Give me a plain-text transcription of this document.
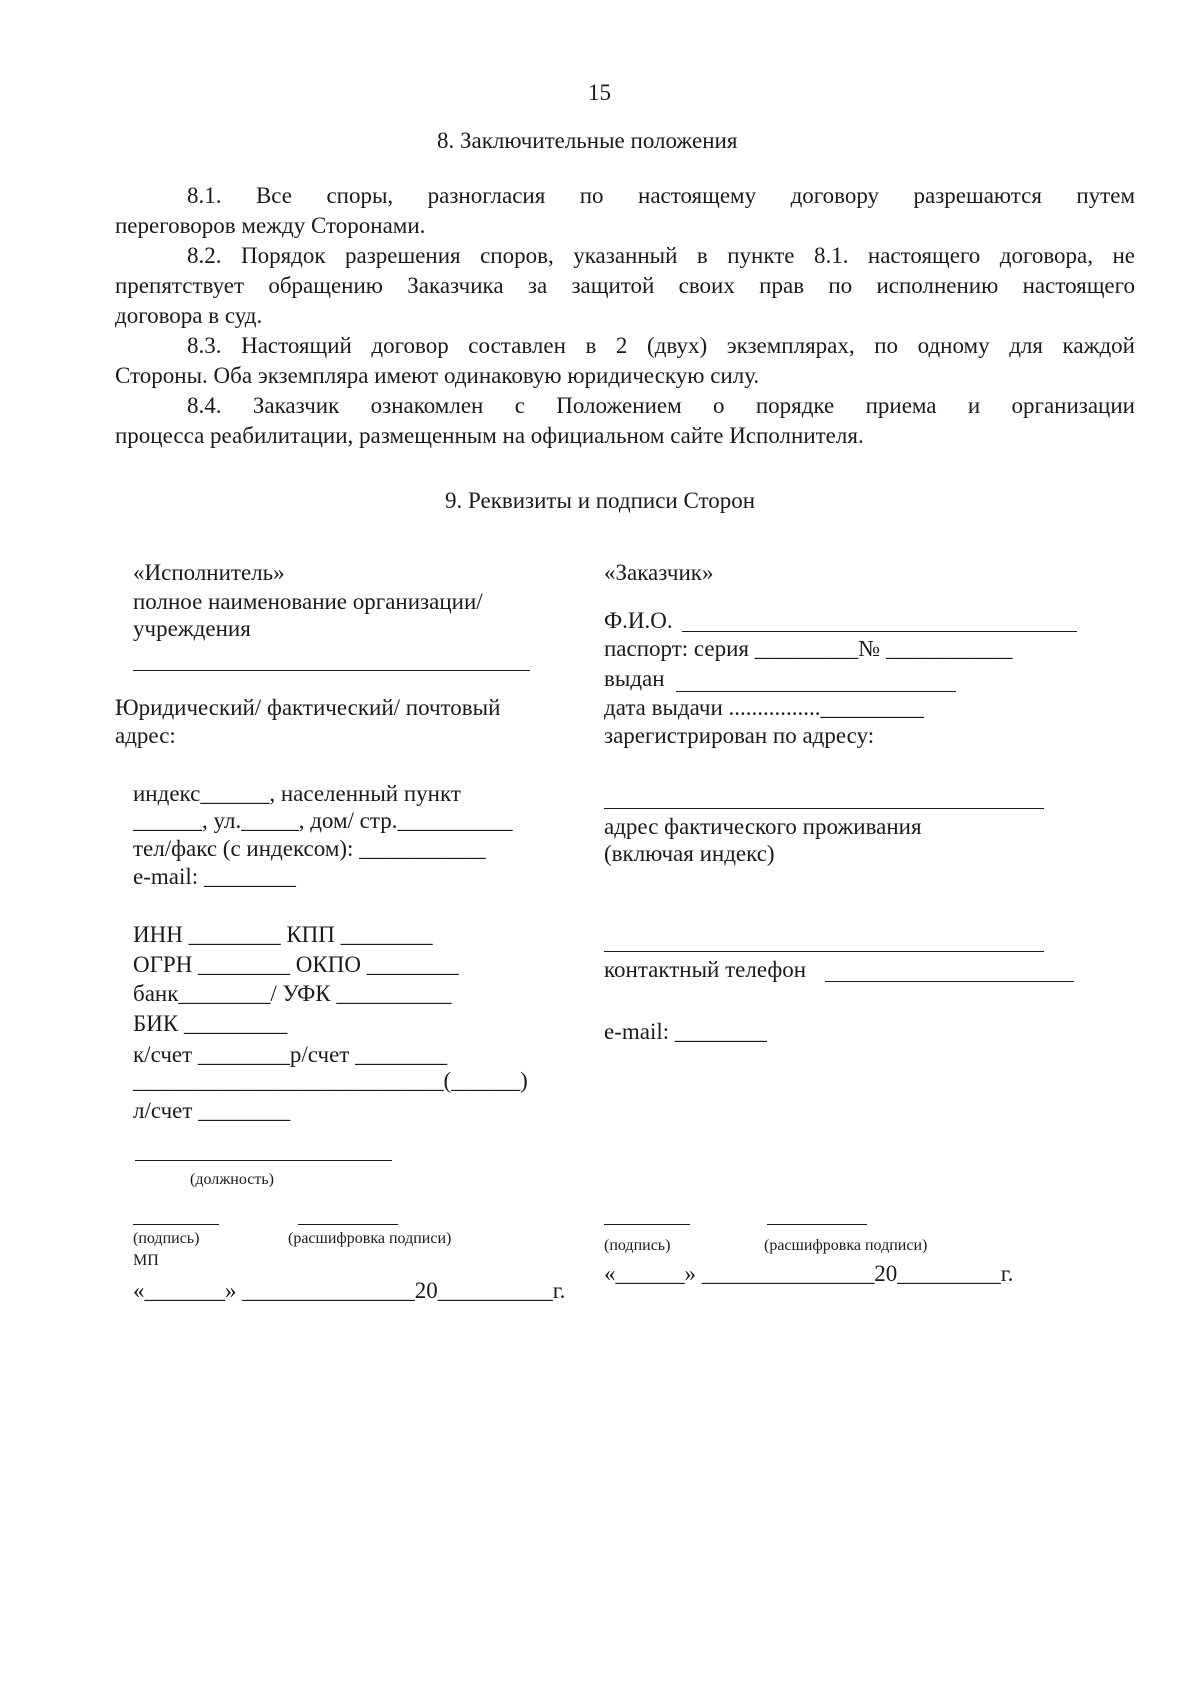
15
8. Заключительные положения
8.1. Все споры, разногласия по настоящему договору разрешаются путем
переговоров между Сторонами.
8.2. Порядок разрешения споров, указанный в пункте 8.1. настоящего договора, не
препятствует обращению Заказчика за защитой своих прав по исполнению настоящего
договора в суд.
8.3. Настоящий договор составлен в 2 (двух) экземплярах, по одному для каждой
Стороны. Оба экземпляра имеют одинаковую юридическую силу.
8.4. Заказчик ознакомлен с Положением о порядке приема и организации
процесса реабилитации, размещенным на официальном сайте Исполнителя.
9. Реквизиты и подписи Сторон
«Исполнитель»
полное наименование организации/
учреждения
Юридический/ фактический/ почтовый
адрес:
индекс______, населенный пункт
______, ул._____, дом/ стр.__________
тел/факс (с индексом): ___________
e-mail: ________
ИНН ________ КПП ________
ОГРН ________ ОКПО ________
банк________/ УФК __________
БИК _________
к/счет ________р/счет ________
___________________________(______)
л/счет ________
(должность)
(подпись)	(расшифровка подписи)
МП
«_______» _______________20__________г.
«Заказчик»
Ф.И.О.
паспорт: серия _________№ ___________
выдан
дата выдачи ................_________
зарегистрирован по адресу:
адрес фактического проживания
(включая индекс)
контактный телефон
e-mail: ________
(подпись)	(расшифровка подписи)
«______» _______________20_________г.
